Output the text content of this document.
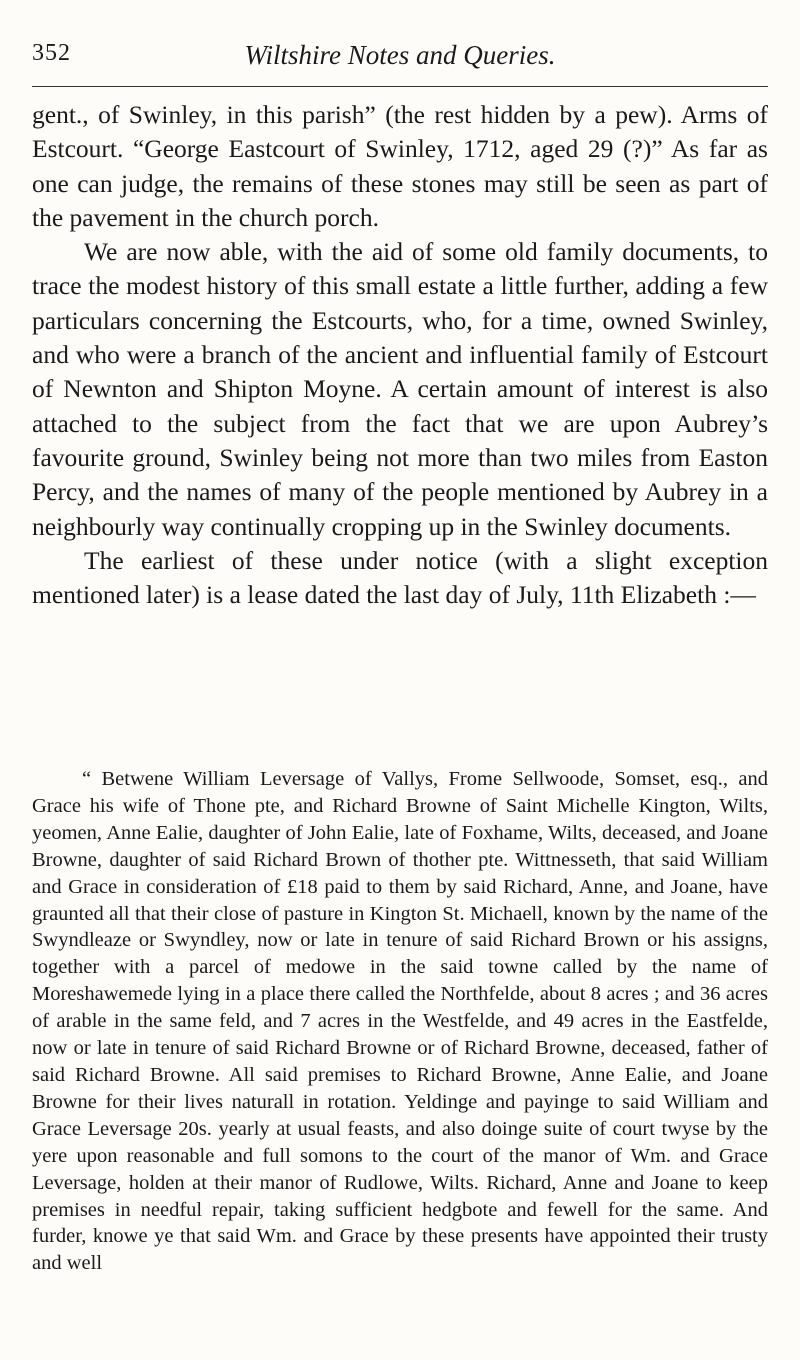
352	Wiltshire Notes and Queries.

gent., of Swinley, in this parish” (the rest hidden by a pew). Arms of Estcourt. “George Eastcourt of Swinley, 1712, aged 29 (?)” As far as one can judge, the remains of these stones may still be seen as part of the pavement in the church porch.

We are now able, with the aid of some old family documents, to trace the modest history of this small estate a little further, adding a few particulars concerning the Estcourts, who, for a time, owned Swinley, and who were a branch of the ancient and influential family of Estcourt of Newnton and Shipton Moyne. A certain amount of interest is also attached to the subject from the fact that we are upon Aubrey’s favourite ground, Swinley being not more than two miles from Easton Percy, and the names of many of the people mentioned by Aubrey in a neighbourly way continually cropping up in the Swinley documents.

The earliest of these under notice (with a slight exception mentioned later) is a lease dated the last day of July, 11th Elizabeth :—

“ Betwene William Leversage of Vallys, Frome Sellwoode, Somset, esq., and Grace his wife of Thone pte, and Richard Browne of Saint Michelle Kington, Wilts, yeomen, Anne Ealie, daughter of John Ealie, late of Foxhame, Wilts, deceased, and Joane Browne, daughter of said Richard Brown of thother pte. Wittnesseth, that said William and Grace in consideration of £18 paid to them by said Richard, Anne, and Joane, have graunted all that their close of pasture in Kington St. Michaell, known by the name of the Swyndleaze or Swyndley, now or late in tenure of said Richard Brown or his assigns, together with a parcel of medowe in the said towne called by the name of Moreshawemede lying in a place there called the Northfelde, about 8 acres ; and 36 acres of arable in the same feld, and 7 acres in the Westfelde, and 49 acres in the Eastfelde, now or late in tenure of said Richard Browne or of Richard Browne, deceased, father of said Richard Browne. All said premises to Richard Browne, Anne Ealie, and Joane Browne for their lives naturall in rotation. Yeldinge and payinge to said William and Grace Leversage 20s. yearly at usual feasts, and also doinge suite of court twyse by the yere upon reasonable and full somons to the court of the manor of Wm. and Grace Leversage, holden at their manor of Rudlowe, Wilts. Richard, Anne and Joane to keep premises in needful repair, taking sufficient hedgbote and fewell for the same. And furder, knowe ye that said Wm. and Grace by these presents have appointed their trusty and well
